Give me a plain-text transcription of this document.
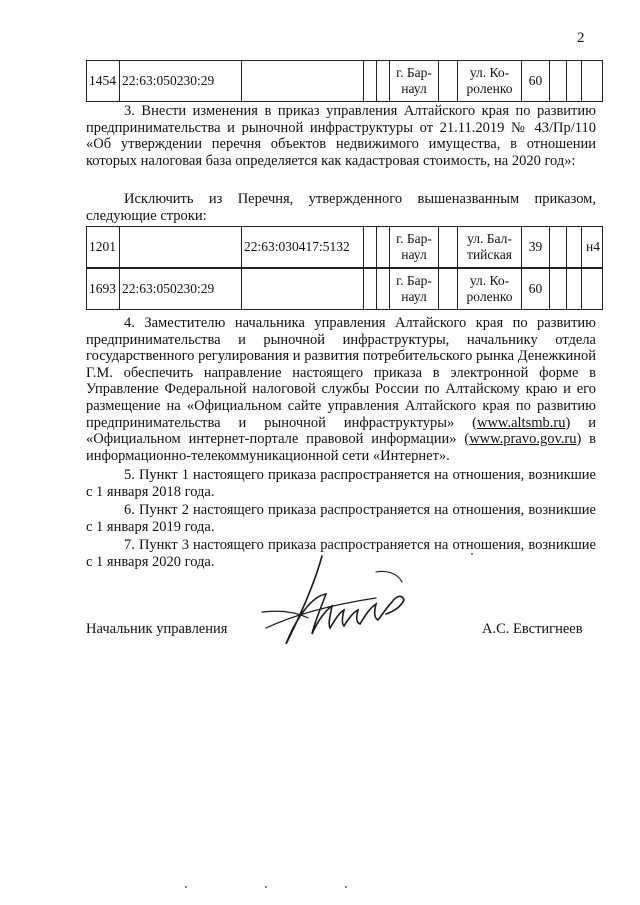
2
1454	22:63:050230:29				г. Бар-наул		ул. Ко-роленко	60			

3. Внести изменения в приказ управления Алтайского края по развитию предпринимательства и рыночной инфраструктуры от 21.11.2019 № 43/Пр/110 «Об утверждении перечня объектов недвижимого имущества, в отношении которых налоговая база определяется как кадастровая стоимость, на 2020 год»:

Исключить из Перечня, утвержденного вышеназванным приказом, следующие строки:

1201		22:63:030417:5132			г. Бар-наул		ул. Бал-тийская	39			н4
1693	22:63:050230:29				г. Бар-наул		ул. Ко-роленко	60			

4. Заместителю начальника управления Алтайского края по развитию предпринимательства и рыночной инфраструктуры, начальнику отдела государственного регулирования и развития потребительского рынка Денежкиной Г.М. обеспечить направление настоящего приказа в электронной форме в Управление Федеральной налоговой службы России по Алтайскому краю и его размещение на «Официальном сайте управления Алтайского края по развитию предпринимательства и рыночной инфраструктуры» (www.altsmb.ru) и «Официальном интернет-портале правовой информации» (www.pravo.gov.ru) в информационно-телекоммуникационной сети «Интернет».

5. Пункт 1 настоящего приказа распространяется на отношения, возникшие с 1 января 2018 года.

6. Пункт 2 настоящего приказа распространяется на отношения, возникшие с 1 января 2019 года.

7. Пункт 3 настоящего приказа распространяется на отношения, возникшие с 1 января 2020 года.

Начальник управления	А.С. Евстигнеев
